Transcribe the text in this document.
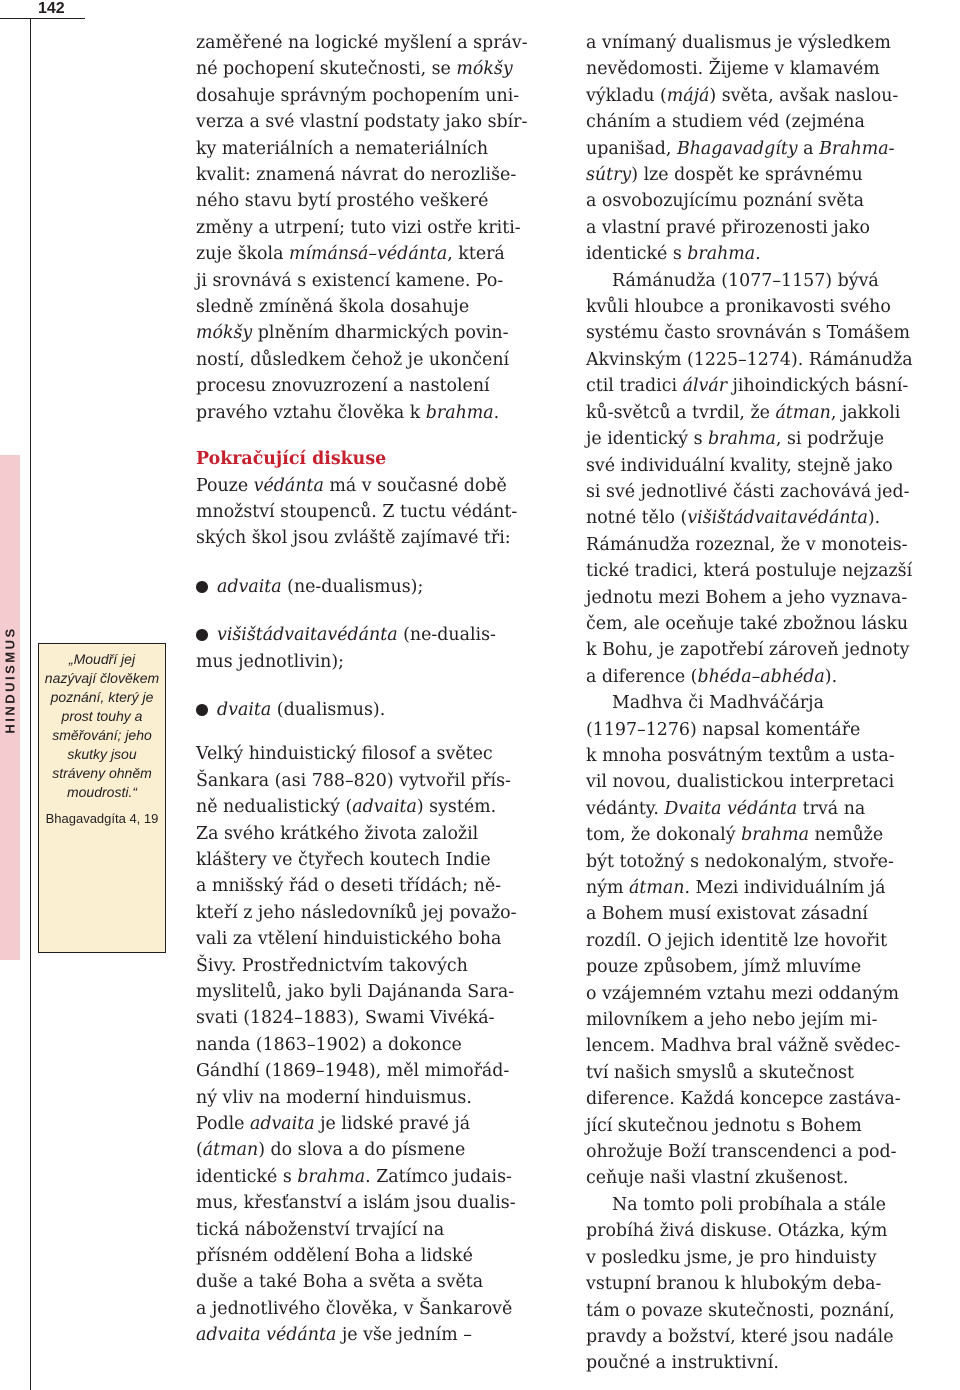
142
HINDUISMUS	„Moudří jej nazývají člověkem poznání, který je prost touhy a směřování; jeho skutky jsou stráveny ohněm moudrosti.“
Bhagavadgíta 4, 19
zaměřené na logické myšlení a správ-
né pochopení skutečnosti, se mókšy
dosahuje správným pochopením uni-
verza a své vlastní podstaty jako sbír-
ky materiálních a nemateriálních
kvalit: znamená návrat do nerozliše-
ného stavu bytí prostého veškeré
změny a utrpení; tuto vizi ostře kriti-
zuje škola mímánsá–védánta, která
ji srovnává s existencí kamene. Po-
sledně zmíněná škola dosahuje
mókšy plněním dharmických povin-
ností, důsledkem čehož je ukončení
procesu znovuzrození a nastolení
pravého vztahu člověka k brahma.
Pokračující diskuse
Pouze védánta má v současné době
množství stoupenců. Z tuctu védánt-
ských škol jsou zvláště zajímavé tři:
advaita (ne-dualismus);
višištádvaitavédánta (ne-dualis-
mus jednotlivin);
dvaita (dualismus).
Velký hinduistický filosof a světec
Šankara (asi 788–820) vytvořil přís-
ně nedualistický (advaita) systém.
Za svého krátkého života založil
kláštery ve čtyřech koutech Indie
a mnišský řád o deseti třídách; ně-
kteří z jeho následovníků jej považo-
vali za vtělení hinduistického boha
Šivy. Prostřednictvím takových
myslitelů, jako byli Dajánanda Sara-
svati (1824–1883), Swami Vivéká-
nanda (1863–1902) a dokonce
Gándhí (1869–1948), měl mimořád-
ný vliv na moderní hinduismus.
Podle advaita je lidské pravé já
(átman) do slova a do písmene
identické s brahma. Zatímco judais-
mus, křesťanství a islám jsou dualis-
tická náboženství trvající na
přísném oddělení Boha a lidské
duše a také Boha a světa a světa
a jednotlivého člověka, v Šankarově
advaita védánta je vše jedním –
a vnímaný dualismus je výsledkem
nevědomosti. Žijeme v klamavém
výkladu (májá) světa, avšak naslou-
cháním a studiem véd (zejména
upanišad, Bhagavadgíty a Brahma-
sútry) lze dospět ke správnému
a osvobozujícímu poznání světa
a vlastní pravé přirozenosti jako
identické s brahma.
Rámánudža (1077–1157) bývá
kvůli hloubce a pronikavosti svého
systému často srovnáván s Tomášem
Akvinským (1225–1274). Rámánudža
ctil tradici álvár jihoindických básní-
ků-světců a tvrdil, že átman, jakkoli
je identický s brahma, si podržuje
své individuální kvality, stejně jako
si své jednotlivé části zachovává jed-
notné tělo (višištádvaitavédánta).
Rámánudža rozeznal, že v monoteis-
tické tradici, která postuluje nejzazší
jednotu mezi Bohem a jeho vyznava-
čem, ale oceňuje také zbožnou lásku
k Bohu, je zapotřebí zároveň jednoty
a diference (bhéda–abhéda).
Madhva či Madhváčárja
(1197–1276) napsal komentáře
k mnoha posvátným textům a usta-
vil novou, dualistickou interpretaci
védánty. Dvaita védánta trvá na
tom, že dokonalý brahma nemůže
být totožný s nedokonalým, stvoře-
ným átman. Mezi individuálním já
a Bohem musí existovat zásadní
rozdíl. O jejich identitě lze hovořit
pouze způsobem, jímž mluvíme
o vzájemném vztahu mezi oddaným
milovníkem a jeho nebo jejím mi-
lencem. Madhva bral vážně svědec-
tví našich smyslů a skutečnost
diference. Každá koncepce zastáva-
jící skutečnou jednotu s Bohem
ohrožuje Boží transcendenci a pod-
ceňuje naši vlastní zkušenost.
Na tomto poli probíhala a stále
probíhá živá diskuse. Otázka, kým
v posledku jsme, je pro hinduisty
vstupní branou k hlubokým deba-
tám o povaze skutečnosti, poznání,
pravdy a božství, které jsou nadále
poučné a instruktivní.
